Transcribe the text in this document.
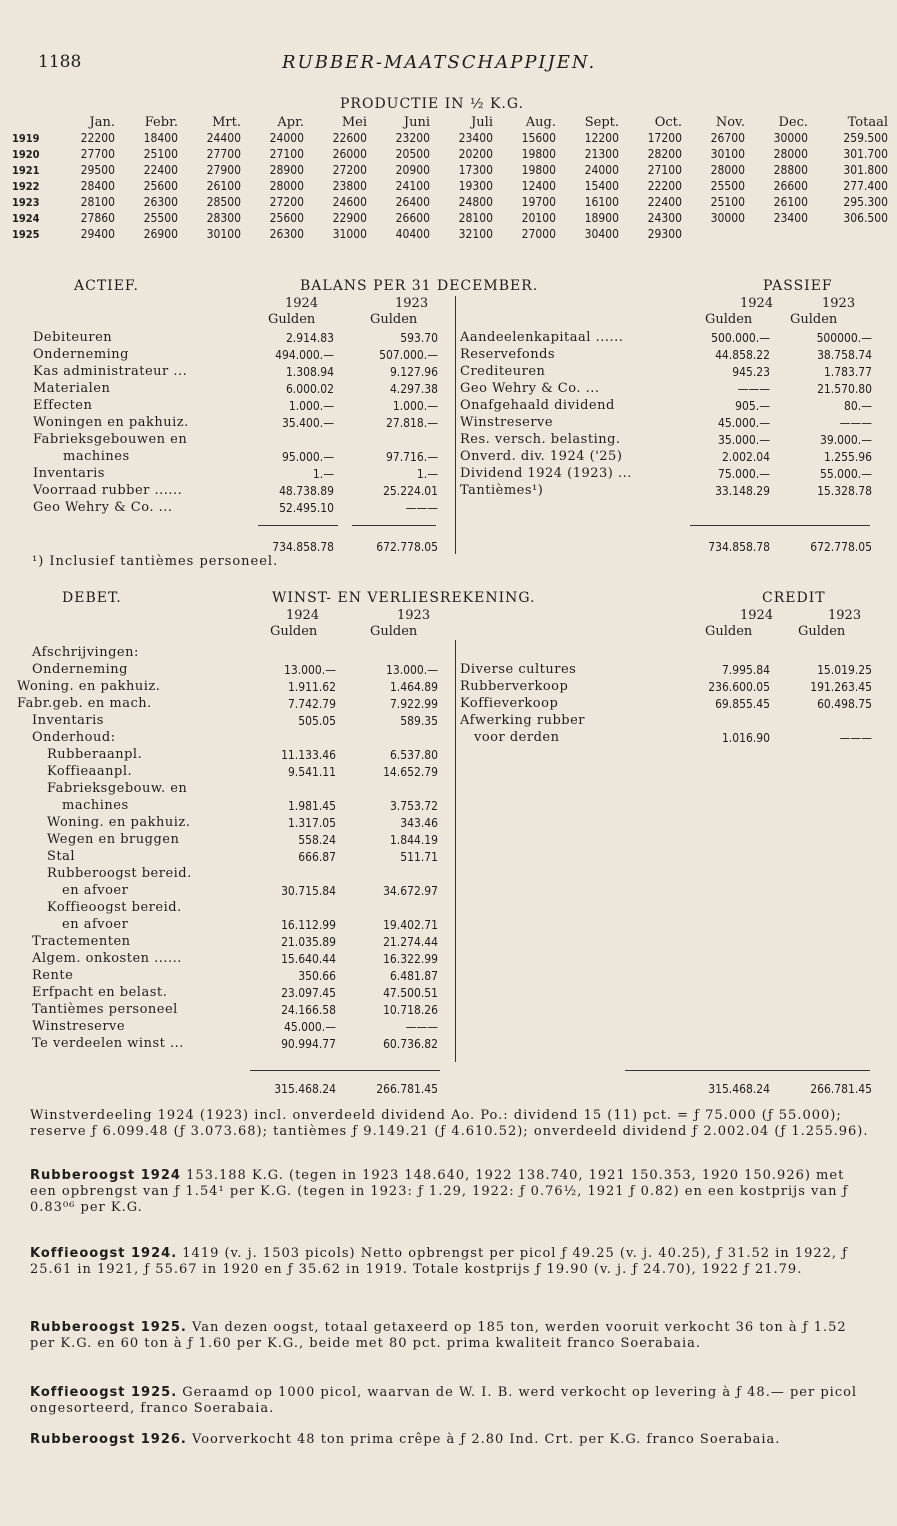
1188	RUBBER-MAATSCHAPPIJEN.
PRODUCTIE IN ½ K.G.
	Jan.	Febr.	Mrt.	Apr.	Mei	Juni	Juli	Aug.	Sept.	Oct.	Nov.	Dec.	Totaal
1919	22200	18400	24400	24000	22600	23200	23400	15600	12200	17200	26700	30000	259.500
1920	27700	25100	27700	27100	26000	20500	20200	19800	21300	28200	30100	28000	301.700
1921	29500	22400	27900	28900	27200	20900	17300	19800	24000	27100	28000	28800	301.800
1922	28400	25600	26100	28000	23800	24100	19300	12400	15400	22200	25500	26600	277.400
1923	28100	26300	28500	27200	24600	26400	24800	19700	16100	22400	25100	26100	295.300
1924	27860	25500	28300	25600	22900	26600	28100	20100	18900	24300	30000	23400	306.500
1925	29400	26900	30100	26300	31000	40400	32100	27000	30400	29300			
ACTIEF.	BALANS PER 31 DECEMBER.	PASSIEF
1924	1923
Gulden	Gulden
1924	1923
Gulden	Gulden
Debiteuren	2.914.83	593.70
Onderneming	494.000.—	507.000.—
Kas administrateur ...	1.308.94	9.127.96
Materialen	6.000.02	4.297.38
Effecten	1.000.—	1.000.—
Woningen en pakhuiz.	35.400.—	27.818.—
Fabrieksgebouwen en
machines	95.000.—	97.716.—
Inventaris	1.—	1.—
Voorraad rubber ......	48.738.89	25.224.01
Geo Wehry & Co. ...	52.495.10	———
Aandeelenkapitaal ......	500.000.—	500000.—
Reservefonds	44.858.22	38.758.74
Crediteuren	945.23	1.783.77
Geo Wehry & Co. ...	———	21.570.80
Onafgehaald dividend	905.—	80.—
Winstreserve	45.000.—	———
Res. versch. belasting.	35.000.—	39.000.—
Onverd. div. 1924 ('25)	2.002.04	1.255.96
Dividend 1924 (1923) ...	75.000.—	55.000.—
Tantièmes¹)	33.148.29	15.328.78
734.858.78	672.778.05	734.858.78	672.778.05
¹) Inclusief tantièmes personeel.
DEBET.	WINST- EN VERLIESREKENING.	CREDIT
1924	1923
Gulden	Gulden
1924	1923
Gulden	Gulden
Afschrijvingen:
Onderneming	13.000.—	13.000.—
Woning. en pakhuiz.	1.911.62	1.464.89
Fabr.geb. en mach.	7.742.79	7.922.99
Inventaris	505.05	589.35
Onderhoud:
Rubberaanpl.	11.133.46	6.537.80
Koffieaanpl.	9.541.11	14.652.79
Fabrieksgebouw. en
machines	1.981.45	3.753.72
Woning. en pakhuiz.	1.317.05	343.46
Wegen en bruggen	558.24	1.844.19
Stal	666.87	511.71
Rubberoogst bereid.
en afvoer	30.715.84	34.672.97
Koffieoogst bereid.
en afvoer	16.112.99	19.402.71
Tractementen	21.035.89	21.274.44
Algem. onkosten ......	15.640.44	16.322.99
Rente	350.66	6.481.87
Erfpacht en belast.	23.097.45	47.500.51
Tantièmes personeel	24.166.58	10.718.26
Winstreserve	45.000.—	———
Te verdeelen winst ...	90.994.77	60.736.82
Diverse cultures	7.995.84	15.019.25
Rubberverkoop	236.600.05	191.263.45
Koffieverkoop	69.855.45	60.498.75
Afwerking rubber
voor derden	1.016.90	———
315.468.24	266.781.45	315.468.24	266.781.45
Winstverdeeling 1924 (1923) incl. onverdeeld dividend Ao. Po.: dividend 15 (11) pct. = ƒ 75.000 (ƒ 55.000); reserve ƒ 6.099.48 (ƒ 3.073.68); tantièmes ƒ 9.149.21 (ƒ 4.610.52); onverdeeld dividend ƒ 2.002.04 (ƒ 1.255.96).
Rubberoogst 1924 153.188 K.G. (tegen in 1923 148.640, 1922 138.740, 1921 150.353, 1920 150.926) met een opbrengst van ƒ 1.54¹ per K.G. (tegen in 1923: ƒ 1.29, 1922: ƒ 0.76½, 1921 ƒ 0.82) en een kostprijs van ƒ 0.83⁰⁶ per K.G.
Koffieoogst 1924. 1419 (v. j. 1503 picols) Netto opbrengst per picol ƒ 49.25 (v. j. 40.25), ƒ 31.52 in 1922, ƒ 25.61 in 1921, ƒ 55.67 in 1920 en ƒ 35.62 in 1919. Totale kostprijs ƒ 19.90 (v. j. ƒ 24.70), 1922 ƒ 21.79.
Rubberoogst 1925. Van dezen oogst, totaal getaxeerd op 185 ton, werden vooruit verkocht 36 ton à ƒ 1.52 per K.G. en 60 ton à ƒ 1.60 per K.G., beide met 80 pct. prima kwaliteit franco Soerabaia.
Koffieoogst 1925. Geraamd op 1000 picol, waarvan de W. I. B. werd verkocht op levering à ƒ 48.— per picol ongesorteerd, franco Soerabaia.
Rubberoogst 1926. Voorverkocht 48 ton prima crêpe à ƒ 2.80 Ind. Crt. per K.G. franco Soerabaia.
